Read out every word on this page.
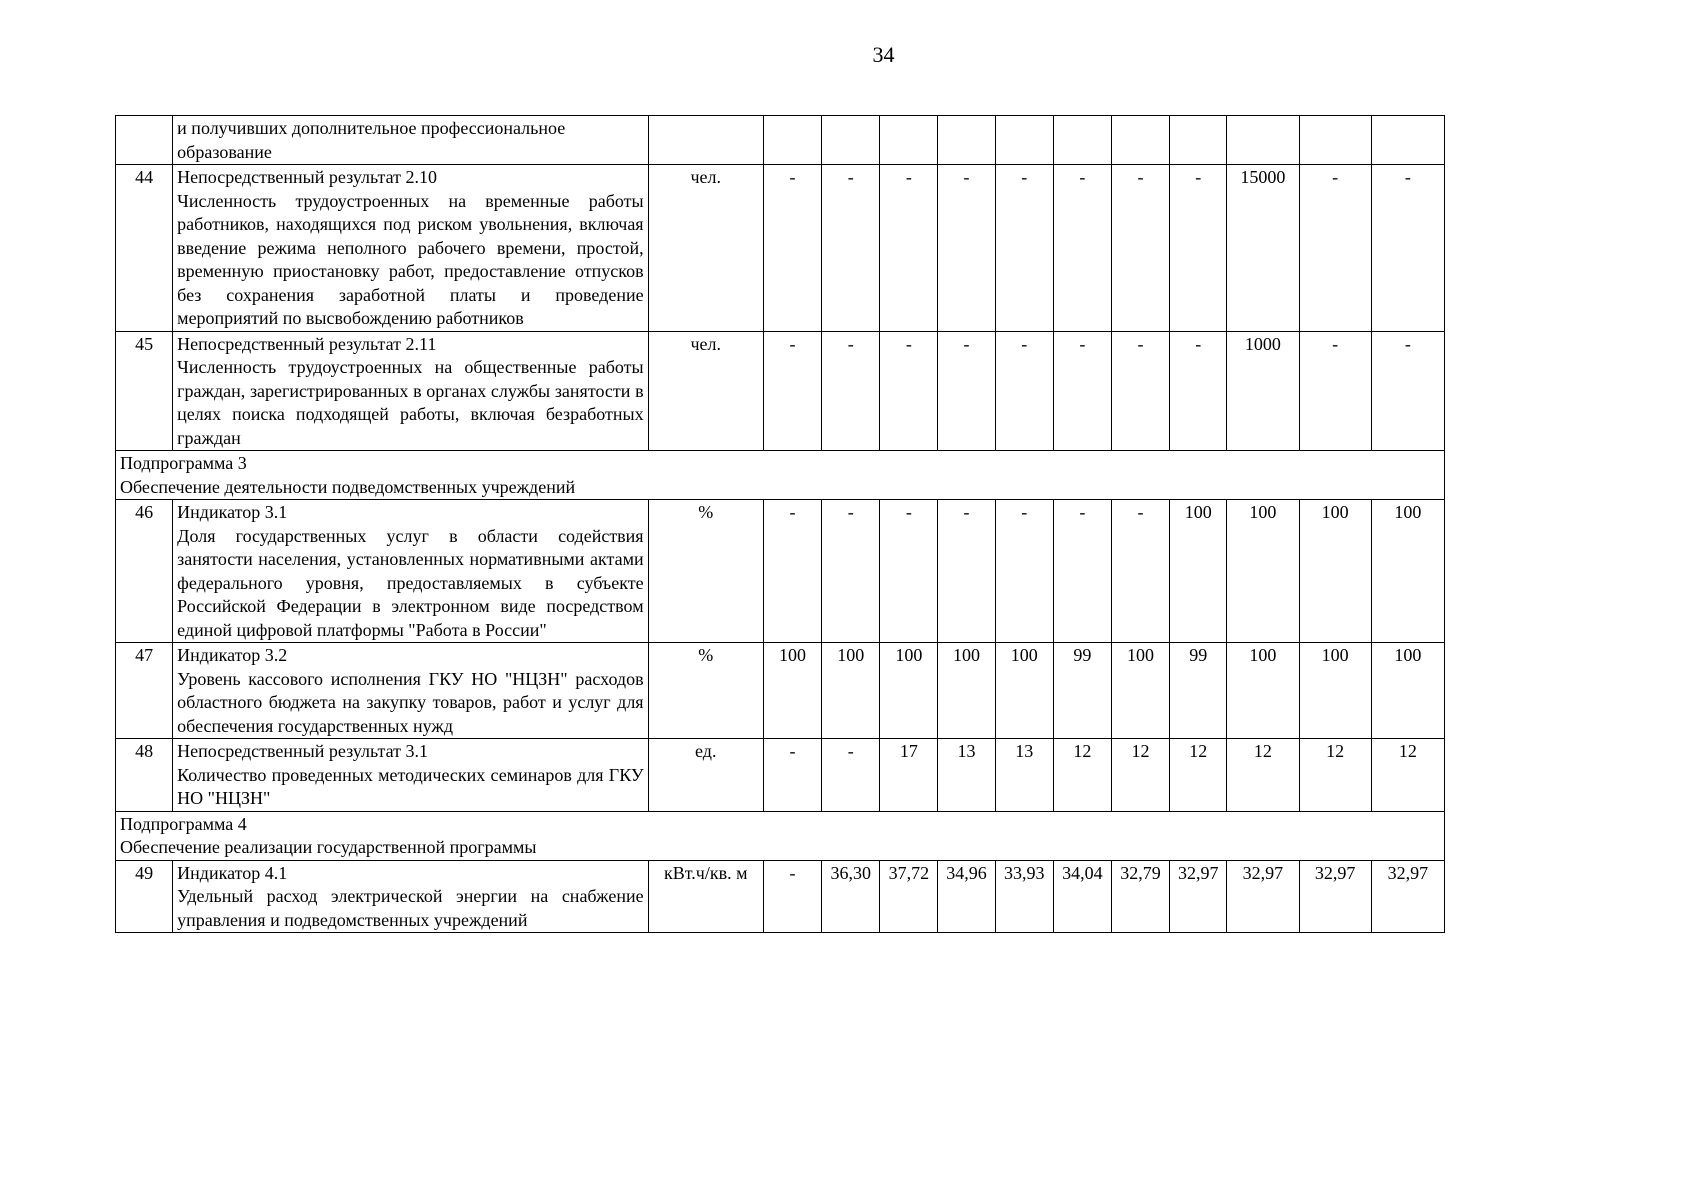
34

	и получивших дополнительное профессиональное
образование												

44	Непосредственный результат 2.10
Численность трудоустроенных на временные работы работников, находящихся под риском увольнения, включая введение режима неполного рабочего времени, простой, временную приостановку работ, предоставление отпусков без сохранения заработной платы и проведение мероприятий по высвобождению работников	чел.	-	-	-	-	-	-	-	-	15000	-	-
45	Непосредственный результат 2.11
Численность трудоустроенных на общественные работы граждан, зарегистрированных в органах службы занятости в целях поиска подходящей работы, включая безработных граждан	чел.	-	-	-	-	-	-	-	-	1000	-	-

Подпрограмма 3
Обеспечение деятельности подведомственных учреждений													

46	Индикатор 3.1
Доля государственных услуг в области содействия занятости населения, установленных нормативными актами федерального уровня, предоставляемых в субъекте Российской Федерации в электронном виде посредством единой цифровой платформы "Работа в России"	%	-	-	-	-	-	-	-	100	100	100	100
47	Индикатор 3.2
Уровень кассового исполнения ГКУ НО "НЦЗН" расходов областного бюджета на закупку товаров, работ и услуг для обеспечения государственных нужд	%	100	100	100	100	100	99	100	99	100	100	100
48	Непосредственный результат 3.1
Количество проведенных методических семинаров для ГКУ НО "НЦЗН"	ед.	-	-	17	13	13	12	12	12	12	12	12

Подпрограмма 4
Обеспечение реализации государственной программы													

49	Индикатор 4.1
Удельный расход электрической энергии на снабжение управления и подведомственных учреждений	кВт.ч/кв. м	-	36,30	37,72	34,96	33,93	34,04	32,79	32,97	32,97	32,97	32,97
